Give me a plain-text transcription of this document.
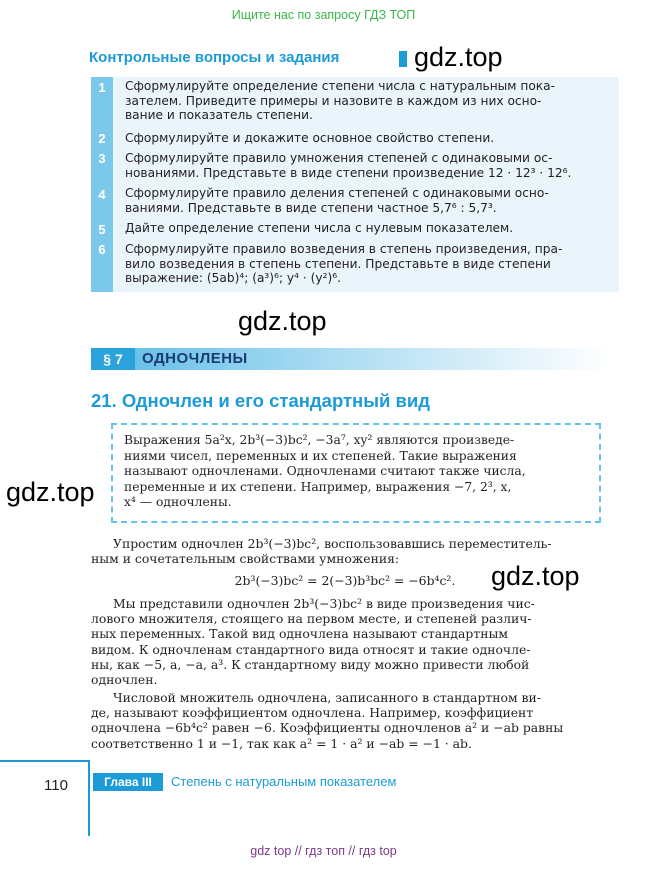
Ищите нас по запросу ГДЗ ТОП
Контрольные вопросы и задания
1	Сформулируйте определение степени числа с натуральным пока-
зателем. Приведите примеры и назовите в каждом из них осно-
вание и показатель степени.
2	Сформулируйте и докажите основное свойство степени.
3	Сформулируйте правило умножения степеней с одинаковыми ос-
нованиями. Представьте в виде степени произведение 12 · 12³ · 12⁶.
4	Сформулируйте правило деления степеней с одинаковыми осно-
ваниями. Представьте в виде степени частное 5,7⁶ : 5,7³.
5	Дайте определение степени числа с нулевым показателем.
6	Сформулируйте правило возведения в степень произведения, пра-
вило возведения в степень степени. Представьте в виде степени
выражение: (5ab)⁴; (a³)⁶; y⁴ · (y²)⁶.
gdz.top
gdz.top
§ 7	ОДНОЧЛЕНЫ
21. Одночлен и его стандартный вид
Выражения 5a²x, 2b³(−3)bc², −3a⁷, xy² являются произведе-
ниями чисел, переменных и их степеней. Такие выражения
называют одночленами. Одночленами считают также числа,
переменные и их степени. Например, выражения −7, 2³, x,
x⁴ — одночлены.
gdz.top
Упростим одночлен 2b³(−3)bc², воспользовавшись переместитель-
ным и сочетательным свойствами умножения:
2b³(−3)bc² = 2(−3)b³bc² = −6b⁴c².
Мы представили одночлен 2b³(−3)bc² в виде произведения чис-
лового множителя, стоящего на первом месте, и степеней различ-
ных переменных. Такой вид одночлена называют стандартным
видом. К одночленам стандартного вида относят и такие одночле-
ны, как −5, a, −a, a³. К стандартному виду можно привести любой
одночлен.
Числовой множитель одночлена, записанного в стандартном ви-
де, называют коэффициентом одночлена. Например, коэффициент
одночлена −6b⁴c² равен −6. Коэффициенты одночленов a² и −ab равны
соответственно 1 и −1, так как a² = 1 · a² и −ab = −1 · ab.
gdz.top
110	Глава III	Степень с натуральным показателем
gdz top // гдз топ // гдз top
